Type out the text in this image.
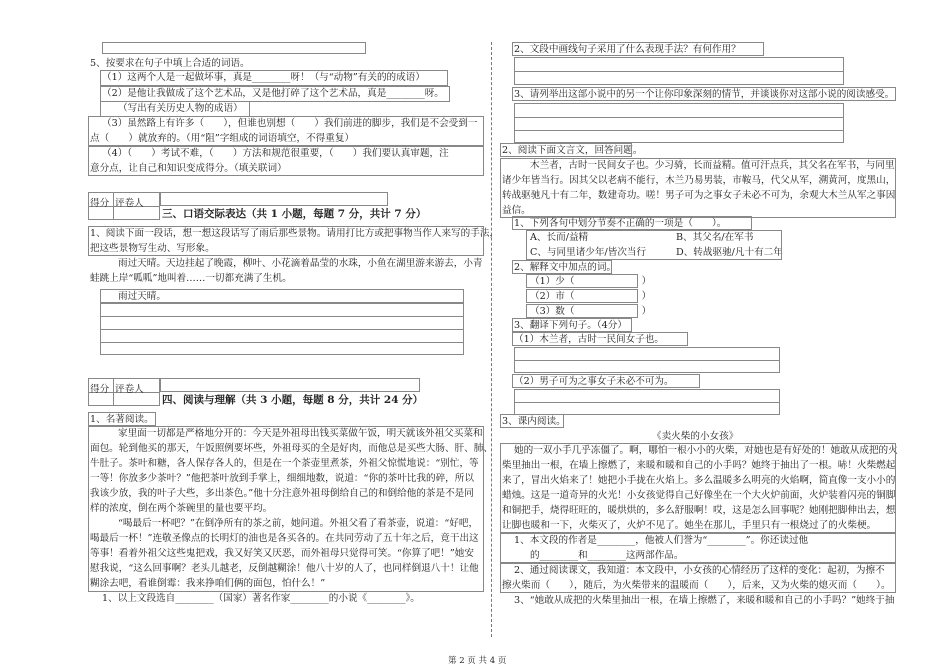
5、按要求在句子中填上合适的词语。
（1）这两个人是一起做坏事，真是________呀！（与“动物”有关的的成语）
（2）是他让我做成了这个艺术品，又是他打碎了这个艺术品，真是________呀。
（写出有关历史人物的成语）
（3）虽然路上有许多（　　），但谁也别想（　　）我们前进的脚步，我们是不会受到一
点（　　）就放弃的。（用“阻”字组成的词语填空，不得重复）
（4）（　　）考试不难，（　　）方法和规范很重要，（　　）我们要认真审题，注
意分点，让自己和知识变成得分。（填关联词）
得分 评卷人
三、口语交际表达（共 1 小题，每题 7 分，共计 7 分）
1、阅读下面一段话，想一想这段话写了雨后那些景物。请用打比方或把事物当作人来写的手法，
把这些景物写生动、写形象。
雨过天晴。天边挂起了晚霞，柳叶、小花滴着晶莹的水珠，小鱼在湖里游来游去，小青
蛙跳上岸“呱呱”地叫着……一切都充满了生机。
雨过天晴。
得分 评卷人
四、阅读与理解（共 3 小题，每题 8 分，共计 24 分）
1、名著阅读。
家里面一切都是严格地分开的：今天是外祖母出钱买菜做午饭，明天就该外祖父买菜和
面包。轮到他买的那天，午饭照例要坏些，外祖母买的全是好肉，而他总是买些大肠、肝、肺、
牛肚子。茶叶和糖，各人保存各人的，但是在一个茶壶里煮茶，外祖父惊慌地说：“别忙，等
一等！你放多少茶叶？”他把茶叶放到手掌上，细细地数，说道：“你的茶叶比我的碎，所以
我该少放，我的叶子大些，多出茶色。”他十分注意外祖母倒给自己的和倒给他的茶是不是同
样的浓度，倒在两个茶碗里的量也要平均。
“喝最后一杯吧？”在倒净所有的茶之前，她问道。外祖父看了看茶壶，说道：“好吧，
喝最后一杯！”连敬圣像点的长明灯的油也是各买各的。在共同劳动了五十年之后，竟干出这
等事！看着外祖父这些鬼把戏，我又好笑又厌恶，而外祖母只觉得可笑。“你算了吧！”她安
慰我说，“这么回事啊？老头儿越老，反倒越糊涂！他八十岁的人了，也同样倒退八十！让他
糊涂去吧，看谁倒霉：我来挣咱们俩的面包，怕什么！”
1、以上文段选自________（国家）著名作家________的小说《________》。
2、文段中画线句子采用了什么表现手法？有何作用？
3、请列举出这部小说中的另一个让你印象深刻的情节，并谈谈你对这部小说的阅读感受。
2、阅读下面文言文，回答问题。
木兰者，古时一民间女子也。少习骑，长而益精。值可汗点兵，其父名在军书，与同里
诸少年皆当行。因其父以老病不能行，木兰乃易男装，市鞍马，代父从军，溯黄河，度黑山，
转战驱驰凡十有二年，数建奇功。嗟！男子可为之事女子未必不可为，余观大木兰从军之事因
益信。
1、下列各句中划分节奏不正确的一项是（　　）。
A、长而/益精	B、其父名/在军书
C、与同里诸少年/皆次当行	D、转战驱驰/凡十有二年
2、解释文中加点的词。
（1）少（　　　　　　　）
（2）市（　　　　　　　）
（3）数（　　　　　　　）
3、翻译下列句子。（4分）
（1）木兰者，古时一民间女子也。
（2）男子可为之事女子未必不可为。
3、课内阅读。
《卖火柴的小女孩》
她的一双小手几乎冻僵了。啊，哪怕一根小小的火柴，对她也是有好处的！她敢从成把的火
柴里抽出一根，在墙上擦燃了，来暖和暖和自己的小手吗？她终于抽出了一根。哧！火柴燃起
来了，冒出火焰来了！她把小手拢在火焰上。多么温暖多么明亮的火焰啊，简直像一支小小的
蜡烛。这是一道奇异的火光！小女孩觉得自己好像坐在一个大火炉前面，火炉装着闪亮的铜脚
和铜把手，烧得旺旺的，暖烘烘的，多么舒服啊！哎，这是怎么回事呢？她刚把脚伸出去，想
让脚也暖和一下，火柴灭了，火炉不见了。她坐在那儿，手里只有一根烧过了的火柴梗。
1、本文段的作者是________，他被人们誉为“________”。你还读过他
的________和________这两部作品。
2、通过阅读课文，我知道：本文段中，小女孩的心情经历了这样的变化：起初，为擦不
擦火柴而（　　），随后，为火柴带来的温暖而（　　），后来，又为火柴的熄灭而（　　）。
3、“她敢从成把的火柴里抽出一根，在墙上擦燃了，来暖和暖和自己的小手吗？”她终于抽
第 2 页 共 4 页
